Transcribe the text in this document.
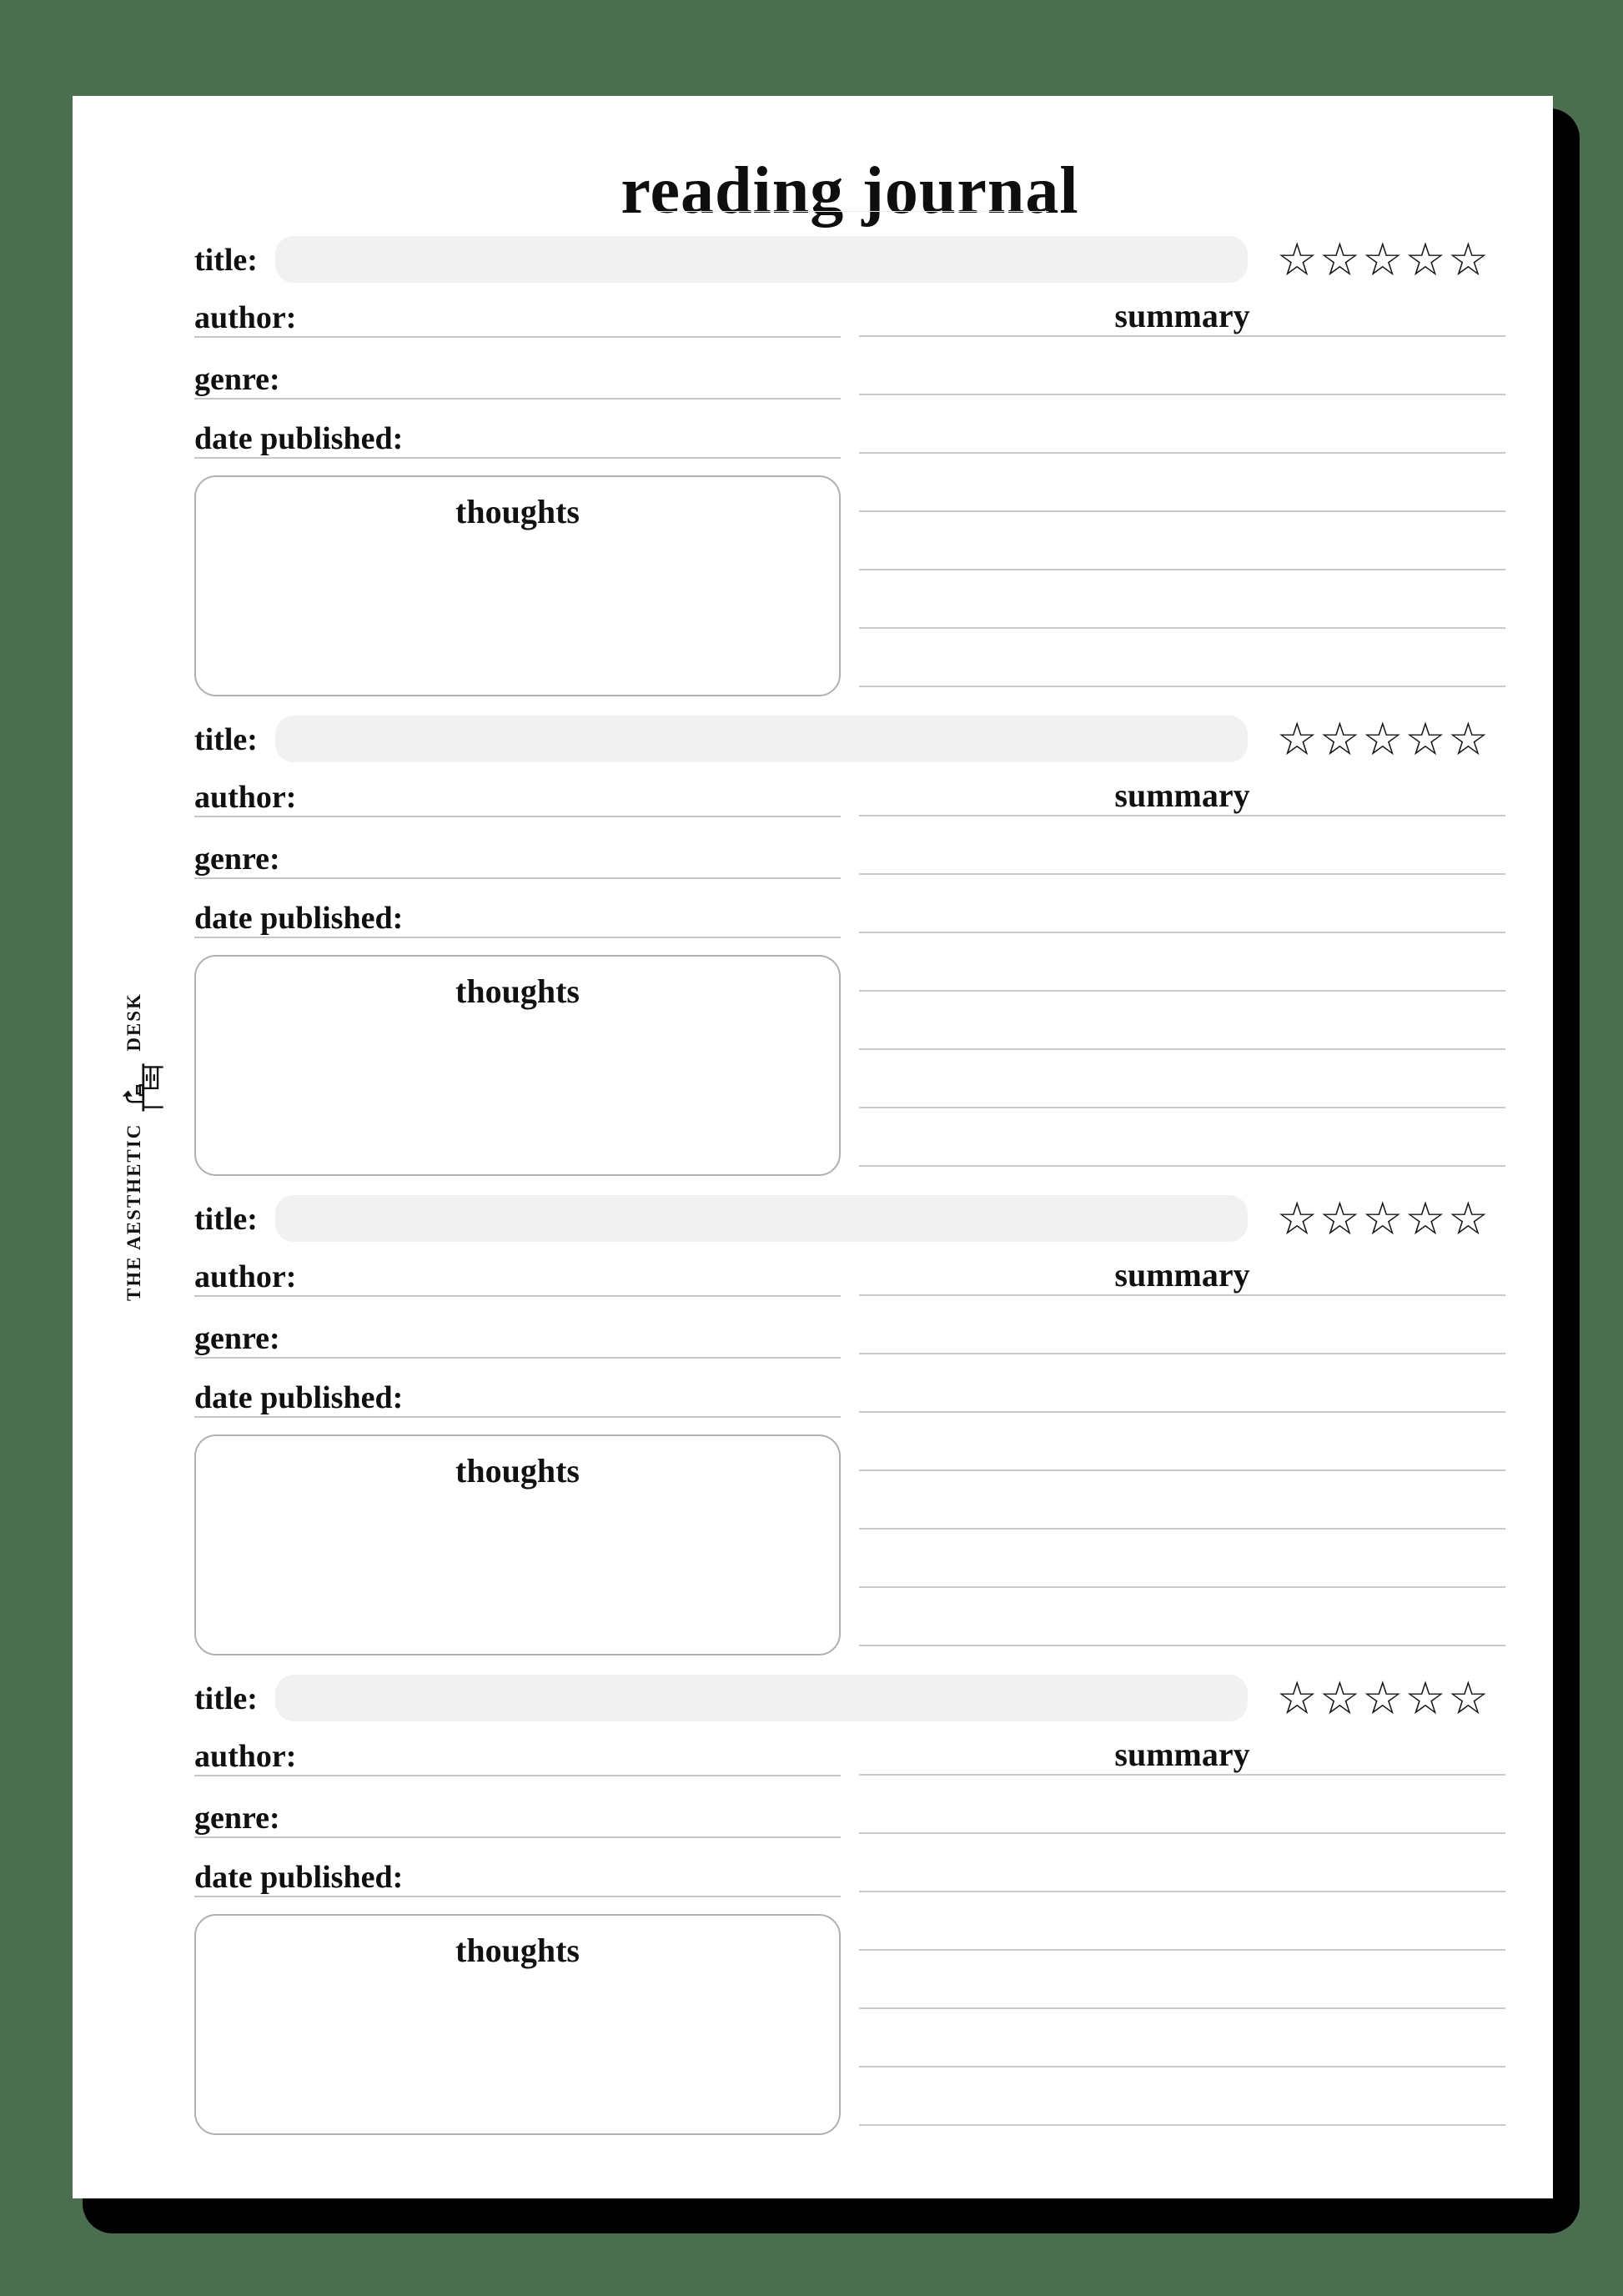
reading journal
title:	☆ ☆ ☆ ☆ ☆
author:
genre:
date published:
thoughts
summary
title:	☆ ☆ ☆ ☆ ☆
author:
genre:
date published:
thoughts
summary
title:	☆ ☆ ☆ ☆ ☆
author:
genre:
date published:
thoughts
summary
title:	☆ ☆ ☆ ☆ ☆
author:
genre:
date published:
thoughts
summary
THE AESTHETIC
DESK
